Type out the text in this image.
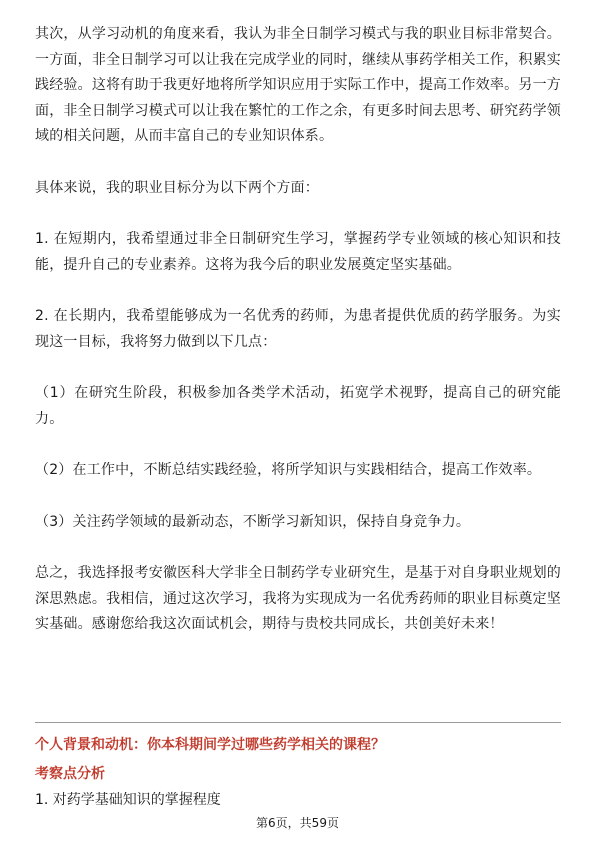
其次，从学习动机的角度来看，我认为非全日制学习模式与我的职业目标非常契合。一方面，非全日制学习可以让我在完成学业的同时，继续从事药学相关工作，积累实践经验。这将有助于我更好地将所学知识应用于实际工作中，提高工作效率。另一方面，非全日制学习模式可以让我在繁忙的工作之余，有更多时间去思考、研究药学领域的相关问题，从而丰富自己的专业知识体系。

具体来说，我的职业目标分为以下两个方面：

1. 在短期内，我希望通过非全日制研究生学习，掌握药学专业领域的核心知识和技能，提升自己的专业素养。这将为我今后的职业发展奠定坚实基础。

2. 在长期内，我希望能够成为一名优秀的药师，为患者提供优质的药学服务。为实现这一目标，我将努力做到以下几点：

（1）在研究生阶段，积极参加各类学术活动，拓宽学术视野，提高自己的研究能力。

（2）在工作中，不断总结实践经验，将所学知识与实践相结合，提高工作效率。

（3）关注药学领域的最新动态，不断学习新知识，保持自身竞争力。

总之，我选择报考安徽医科大学非全日制药学专业研究生，是基于对自身职业规划的深思熟虑。我相信，通过这次学习，我将为实现成为一名优秀药师的职业目标奠定坚实基础。感谢您给我这次面试机会，期待与贵校共同成长，共创美好未来！

个人背景和动机：你本科期间学过哪些药学相关的课程？

考察点分析

1. 对药学基础知识的掌握程度

第6页，共59页
